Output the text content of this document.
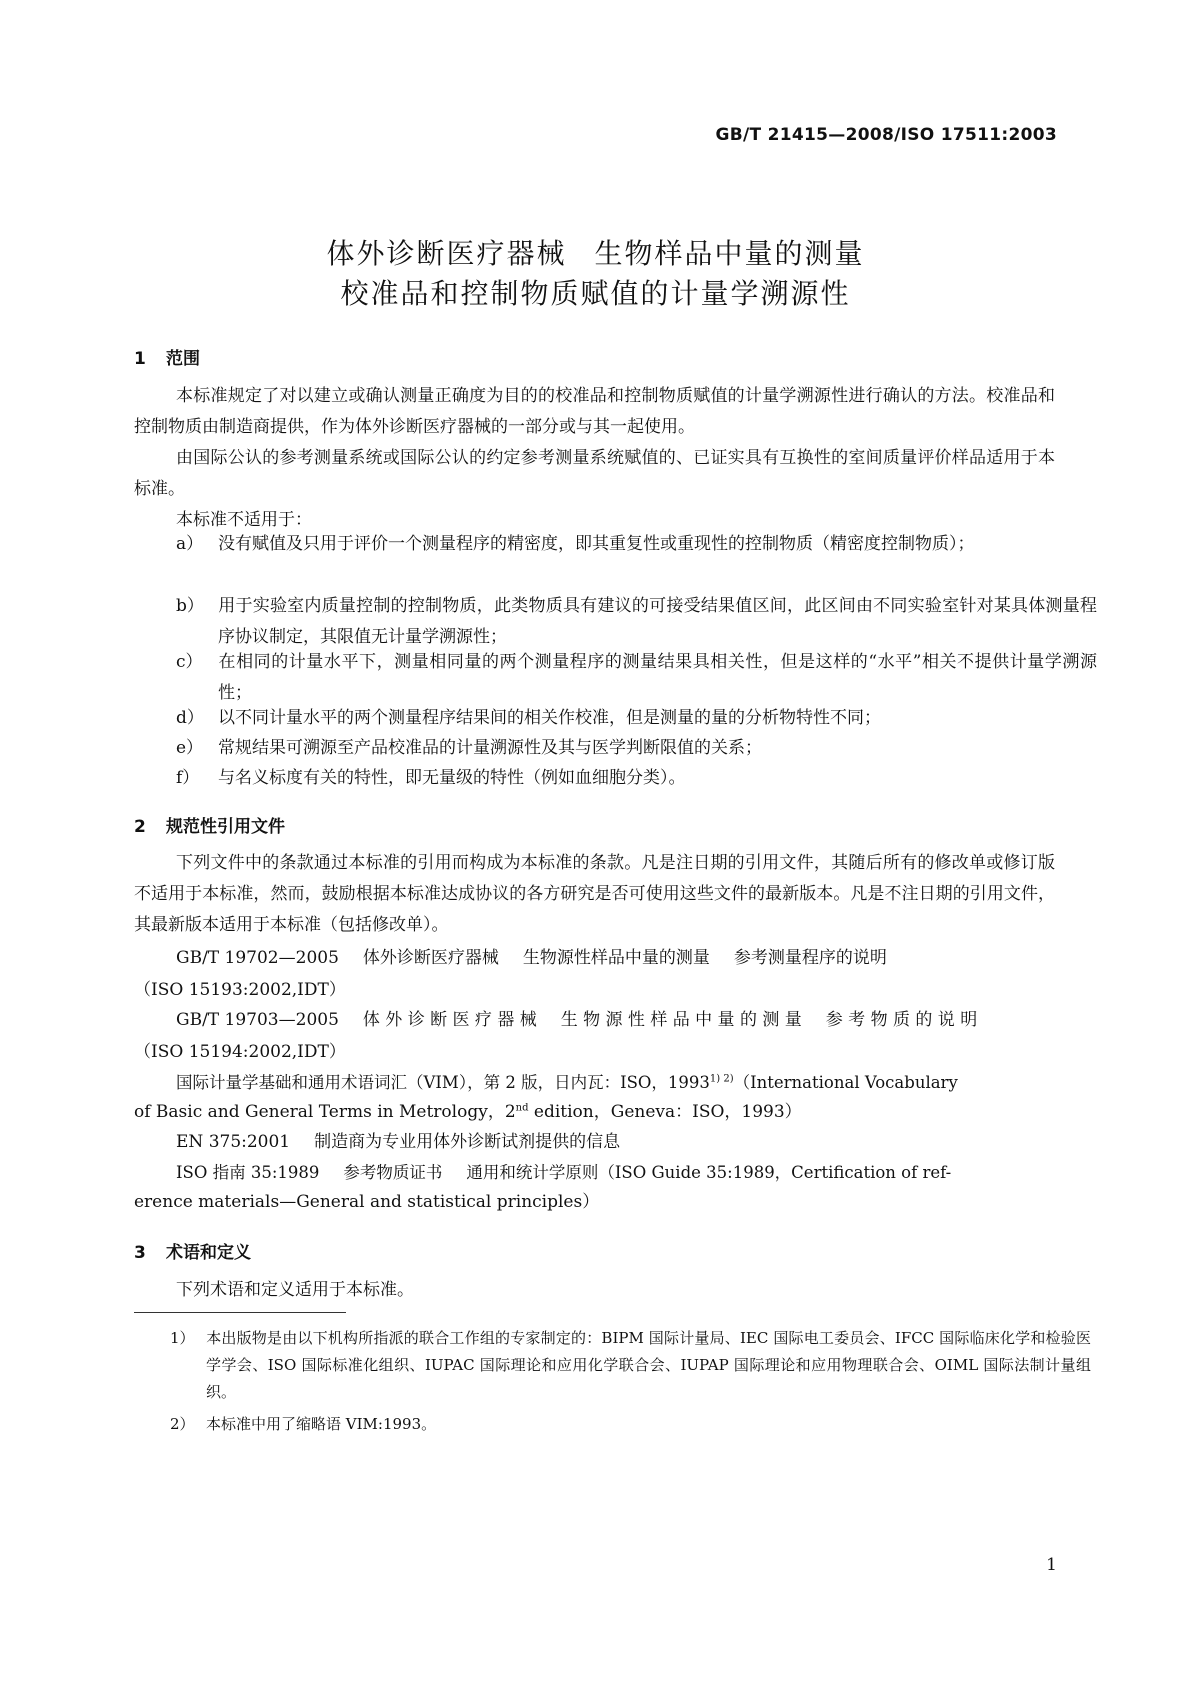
GB/T 21415—2008/ISO 17511:2003
体外诊断医疗器械 生物样品中量的测量
校准品和控制物质赋值的计量学溯源性
1 范围
本标准规定了对以建立或确认测量正确度为目的的校准品和控制物质赋值的计量学溯源性进行确认的方法。校准品和控制物质由制造商提供，作为体外诊断医疗器械的一部分或与其一起使用。
由国际公认的参考测量系统或国际公认的约定参考测量系统赋值的、已证实具有互换性的室间质量评价样品适用于本标准。
本标准不适用于：
a） 没有赋值及只用于评价一个测量程序的精密度，即其重复性或重现性的控制物质（精密度控制物质）；
b） 用于实验室内质量控制的控制物质，此类物质具有建议的可接受结果值区间，此区间由不同实验室针对某具体测量程序协议制定，其限值无计量学溯源性；
c） 在相同的计量水平下，测量相同量的两个测量程序的测量结果具相关性，但是这样的“水平”相关不提供计量学溯源性；
d） 以不同计量水平的两个测量程序结果间的相关作校准，但是测量的量的分析物特性不同；
e） 常规结果可溯源至产品校准品的计量溯源性及其与医学判断限值的关系；
f） 与名义标度有关的特性，即无量级的特性（例如血细胞分类）。
2 规范性引用文件
下列文件中的条款通过本标准的引用而构成为本标准的条款。凡是注日期的引用文件，其随后所有的修改单或修订版不适用于本标准，然而，鼓励根据本标准达成协议的各方研究是否可使用这些文件的最新版本。凡是不注日期的引用文件，其最新版本适用于本标准（包括修改单）。
GB/T 19702—2005 体外诊断医疗器械 生物源性样品中量的测量 参考测量程序的说明
（ISO 15193:2002,IDT）
GB/T 19703—2005 体 外 诊 断 医 疗 器 械 生 物 源 性 样 品 中 量 的 测 量 参 考 物 质 的 说 明
（ISO 15194:2002,IDT）
国际计量学基础和通用术语词汇（VIM），第 2 版，日内瓦：ISO，$1993^{1) 2)}(International$ Vocabulary
of Basic and General Terms in Metrology，2nd edition，Geneva：ISO，1993）
EN 375:2001 制造商为专业用体外诊断试剂提供的信息
ISO 指南 35:1989 参考物质证书 通用和统计学原则（ISO Guide 35:1989，Certification of ref-
erence materials—General and statistical principles）
3 术语和定义
下列术语和定义适用于本标准。
1） 本出版物是由以下机构所指派的联合工作组的专家制定的：BIPM 国际计量局、IEC 国际电工委员会、IFCC 国际临床化学和检验医学学会、ISO 国际标准化组织、IUPAC 国际理论和应用化学联合会、IUPAP 国际理论和应用物理联合会、OIML 国际法制计量组织。
2） 本标准中用了缩略语 VIM:1993。
1
